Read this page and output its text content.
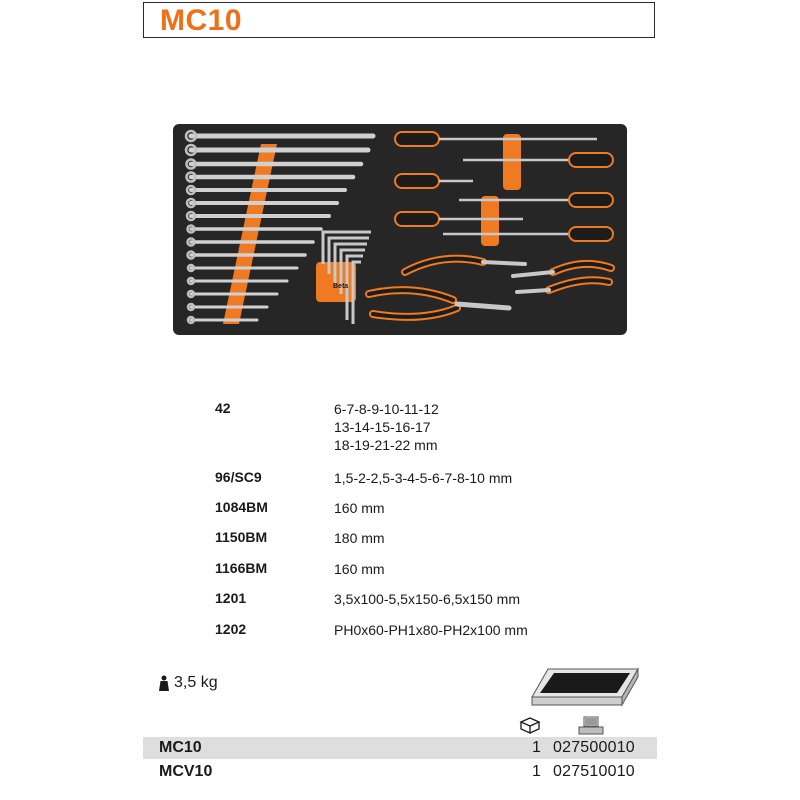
MC10
Beta
42	6-7-8-9-10-11-12
13-14-15-16-17
18-19-21-22 mm
96/SC9	1,5-2-2,5-3-4-5-6-7-8-10 mm
1084BM	160 mm
1150BM	180 mm
1166BM	160 mm
1201	3,5x100-5,5x150-6,5x150 mm
1202	PH0x60-PH1x80-PH2x100 mm
3,5 kg
MC10	1 027500010
MCV10	1 027510010
